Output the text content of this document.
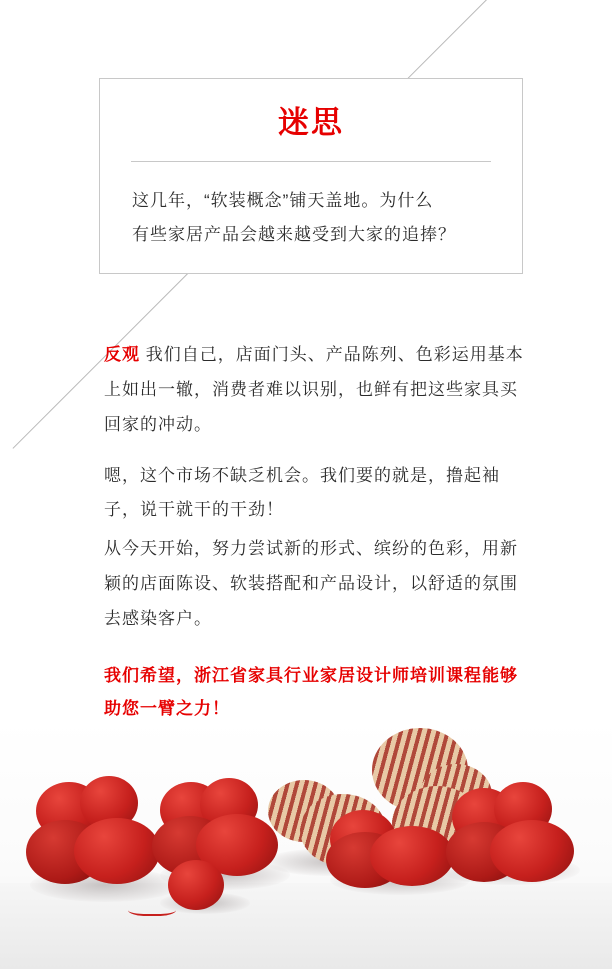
迷思
这几年，“软装概念”铺天盖地。为什么
有些家居产品会越来越受到大家的追捧？

反观 我们自己，店面门头、产品陈列、色彩运用基本上如出一辙，消费者难以识别，也鲜有把这些家具买回家的冲动。

嗯，这个市场不缺乏机会。我们要的就是，撸起袖子，说干就干的干劲！

从今天开始，努力尝试新的形式、缤纷的色彩，用新颖的店面陈设、软装搭配和产品设计，以舒适的氛围去感染客户。

我们希望，浙江省家具行业家居设计师培训课程能够助您一臂之力！
